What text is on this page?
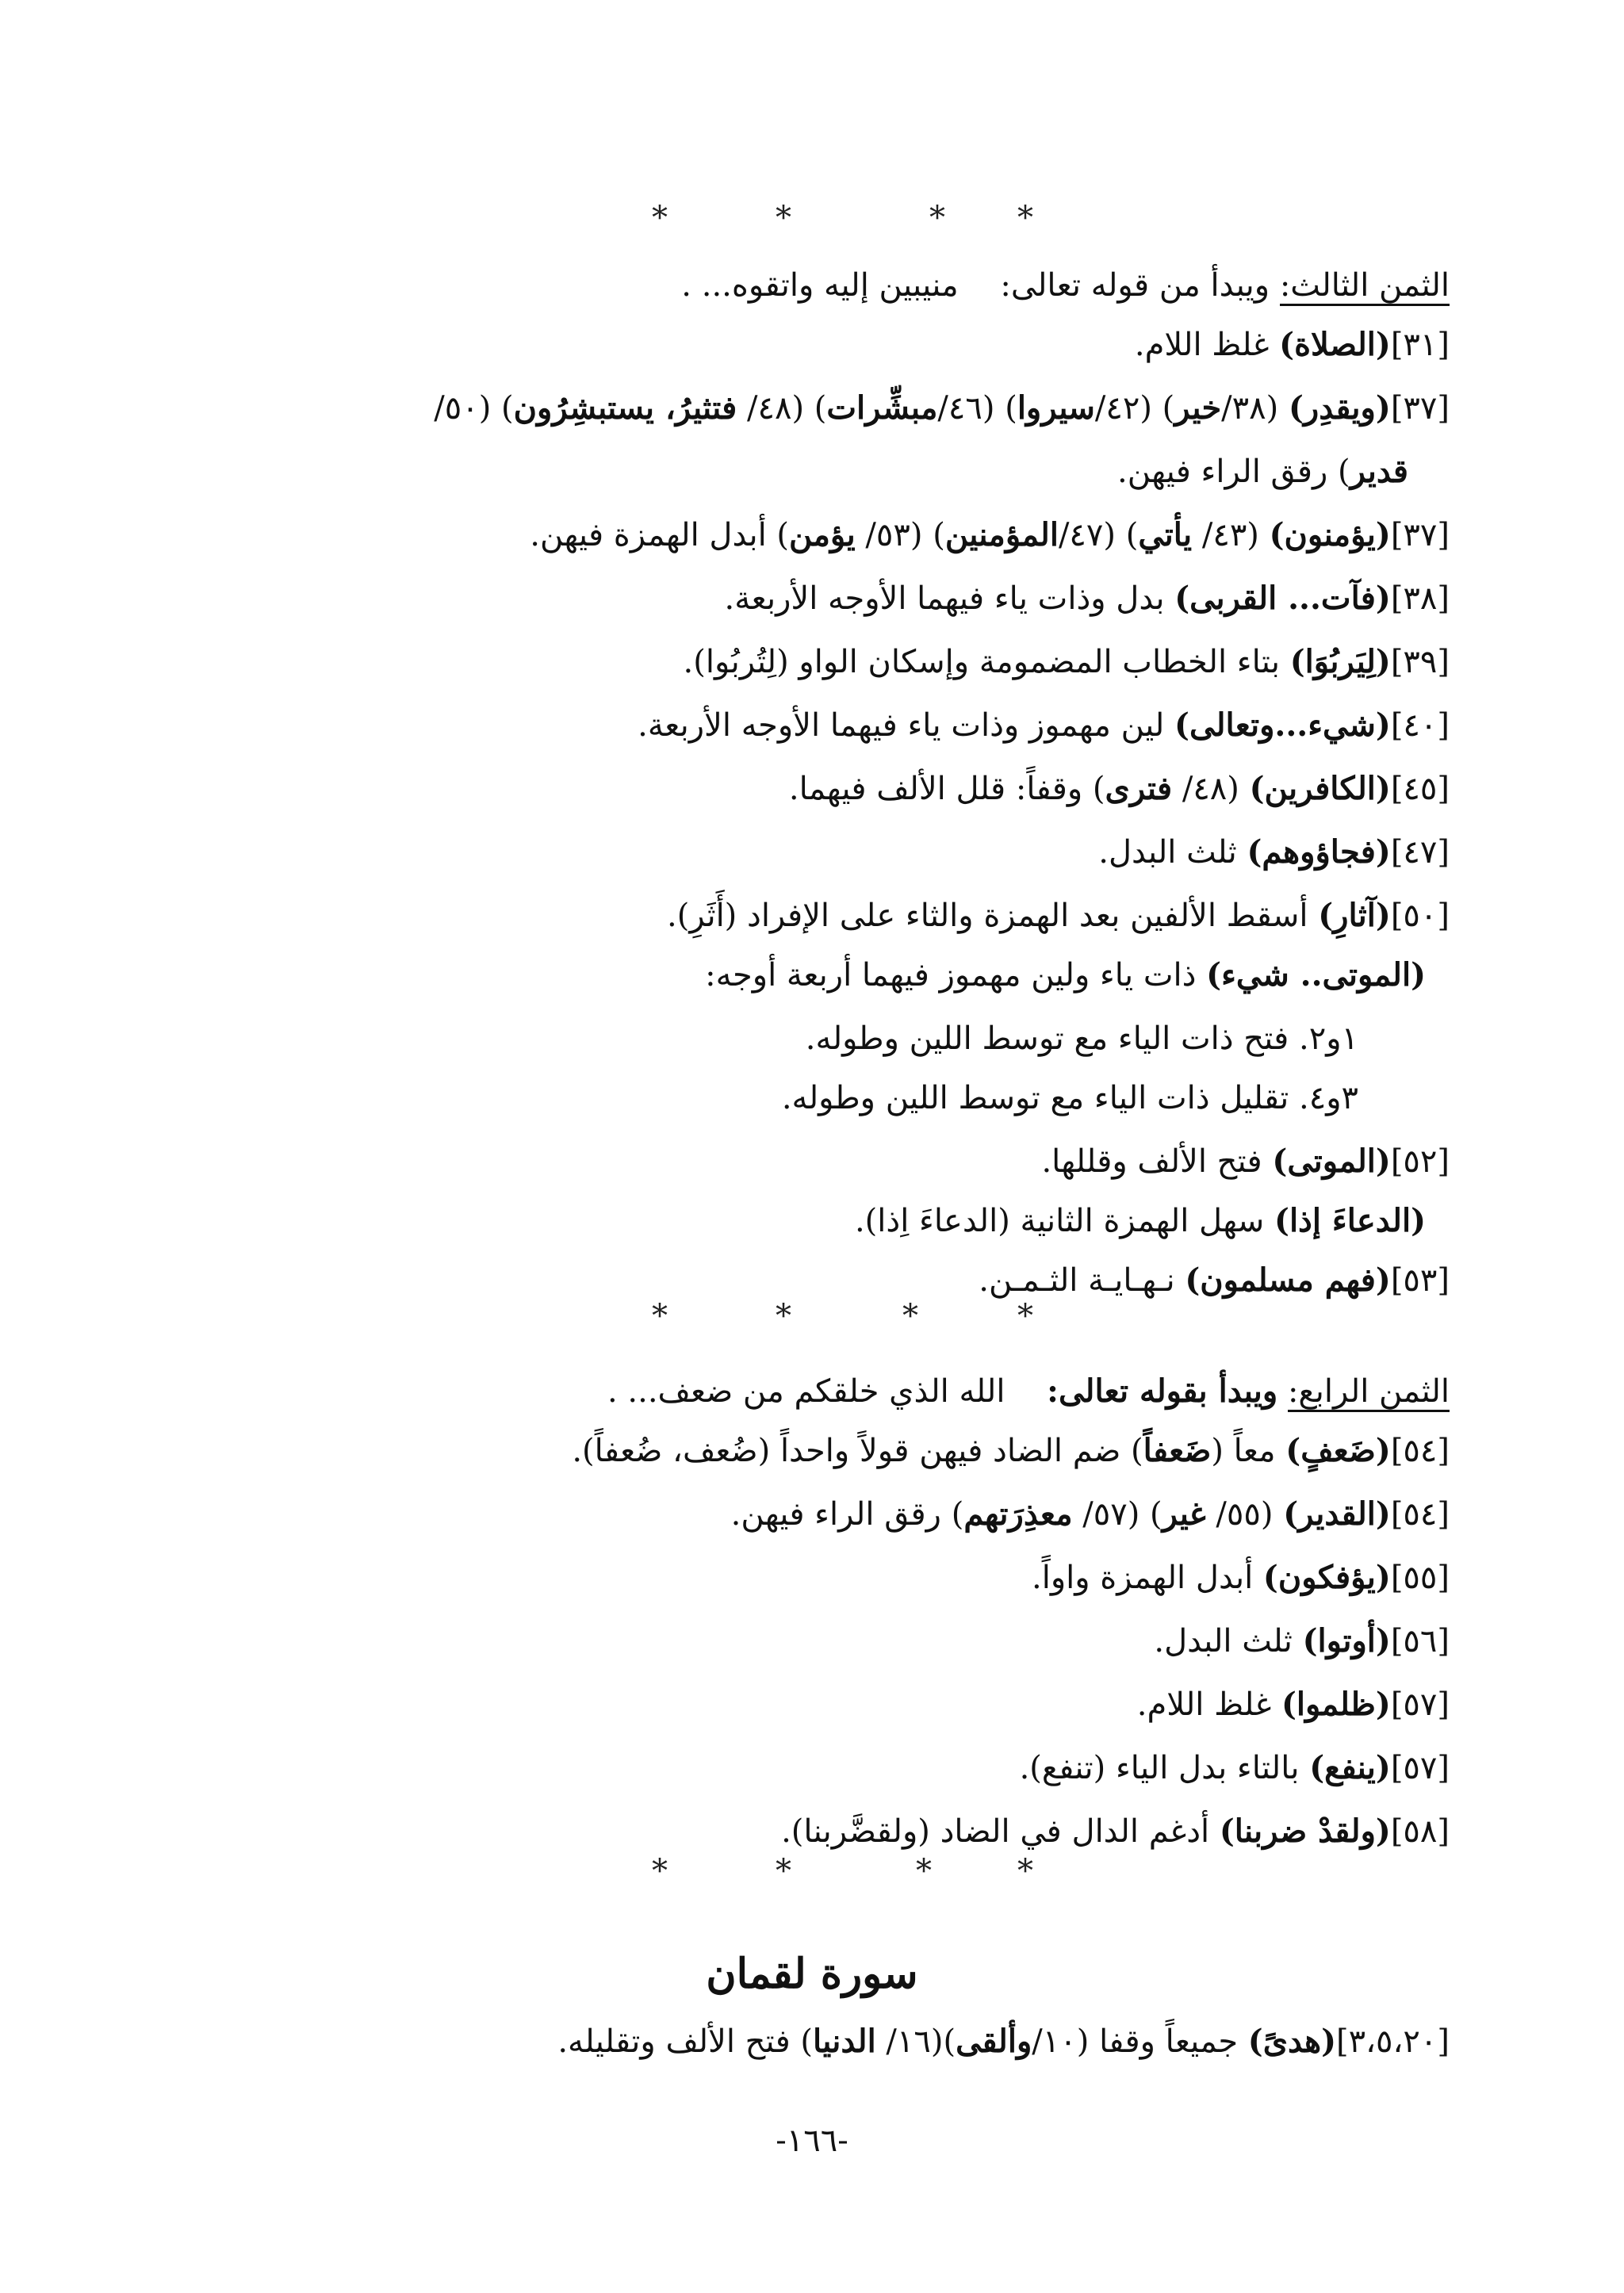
*	*	* *
الثمن الثالث: ويبدأ من قوله تعالى: منيبين إليه واتقوه... .
[٣١](الصلاة) غلظ اللام.
[٣٧](ويقدِر) (٣٨/خير) (٤٢/سيروا) (٤٦/مبشِّرات) (٤٨/ فتثيرُ، يستبشِرُون) (٥٠/
قدير) رقق الراء فيهن.
[٣٧](يؤمنون) (٤٣/ يأتي) (٤٧/المؤمنين) (٥٣/ يؤمن) أبدل الهمزة فيهن.
[٣٨](فآت... القربى) بدل وذات ياء فيهما الأوجه الأربعة.
[٣٩](لِيَربُوَا) بتاء الخطاب المضمومة وإسكان الواو (لِتُربُوا).
[٤٠](شيء...وتعالى) لين مهموز وذات ياء فيهما الأوجه الأربعة.
[٤٥](الكافرين) (٤٨/ فترى) وقفاً: قلل الألف فيهما.
[٤٧](فجاؤوهم) ثلث البدل.
[٥٠](آثارِ) أسقط الألفين بعد الهمزة والثاء على الإفراد (أَثَرِ).
(الموتى.. شيء) ذات ياء ولين مهموز فيهما أربعة أوجه:
١و٢. فتح ذات الياء مع توسط اللين وطوله.
٣و٤. تقليل ذات الياء مع توسط اللين وطوله.
[٥٢](الموتى) فتح الألف وقللها.
(الدعاءَ إذا) سهل الهمزة الثانية (الدعاءَ اِذا).
[٥٣](فهم مسلمون) نـهـايـة الثـمـن.
*	*	*	*
الثمن الرابع: ويبدأ بقوله تعالى: الله الذي خلقكم من ضعف... .
[٥٤](ضَعفٍ) معاً (ضَعفاً) ضم الضاد فيهن قولاً واحداً (ضُعف، ضُعفاً).
[٥٤](القدير) (٥٥/ غير) (٥٧/ معذِرَتهم) رقق الراء فيهن.
[٥٥](يؤفكون) أبدل الهمزة واواً.
[٥٦](أوتوا) ثلث البدل.
[٥٧](ظلموا) غلظ اللام.
[٥٧](ينفع) بالتاء بدل الياء (تنفع).
[٥٨](ولقدْ ضربنا) أدغم الدال في الضاد (ولقضَّربنا).
*	*	*	*
سورة لقمان
[٣،٥،٢٠](هدىً) جميعاً وقفا (١٠/وألقى)(١٦/ الدنيا) فتح الألف وتقليله.
-١٦٦-
